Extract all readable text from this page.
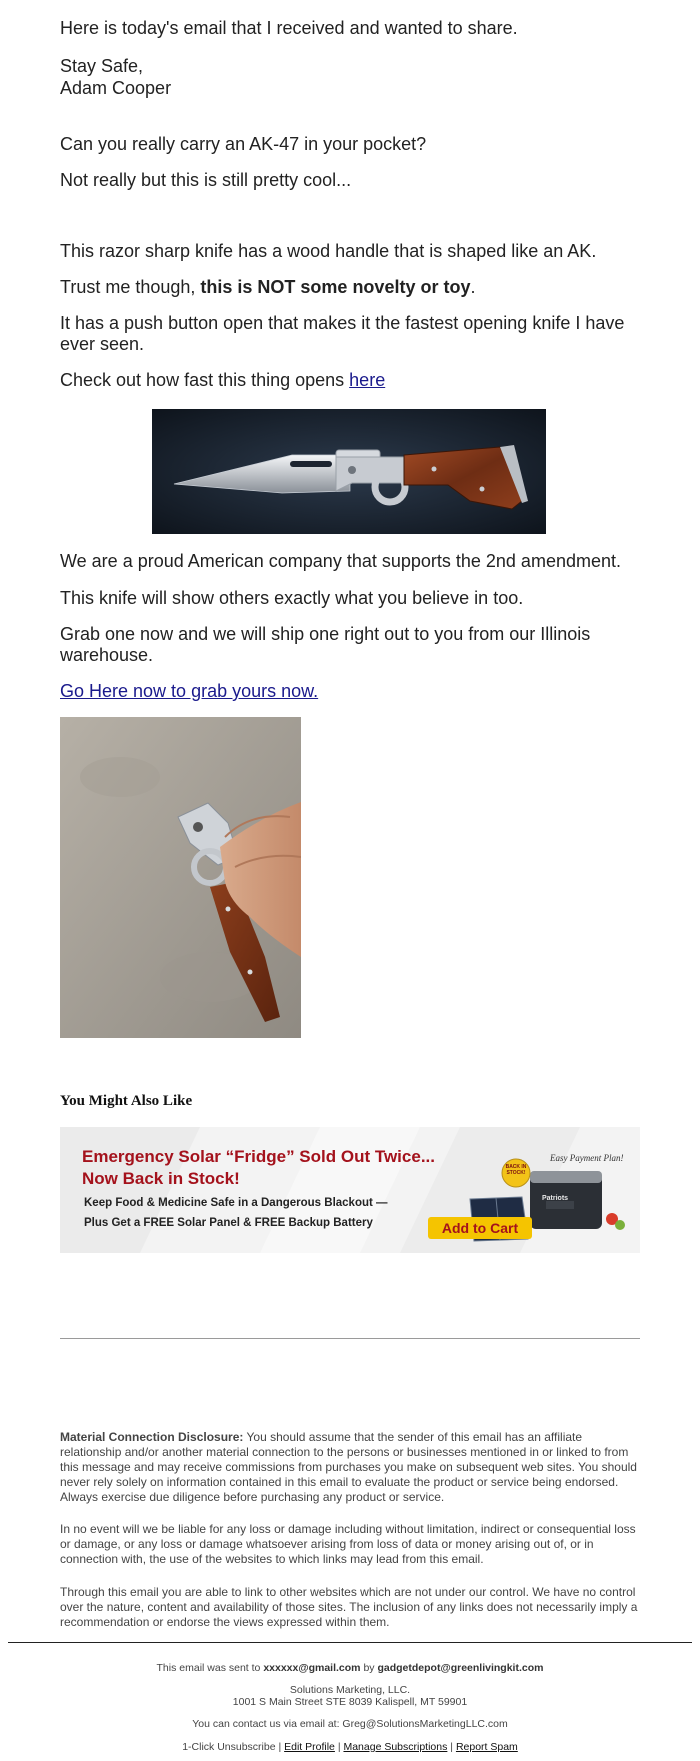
Here is today's email that I received and wanted to share.

Stay Safe,

Adam Cooper

Can you really carry an AK-47 in your pocket?

Not really but this is still pretty cool...

This razor sharp knife has a wood handle that is shaped like an AK.

Trust me though, this is NOT some novelty or toy.

It has a push button open that makes it the fastest opening knife I have ever seen.

Check out how fast this thing opens here

We are a proud American company that supports the 2nd amendment.

This knife will show others exactly what you believe in too.

Grab one now and we will ship one right out to you from our Illinois warehouse.

Go Here now to grab yours now.

You Might Also Like
Emergency Solar “Fridge” Sold Out Twice...
Now Back in Stock!
Keep Food & Medicine Safe in a Dangerous Blackout —
Plus Get a FREE Solar Panel & FREE Backup Battery	Add to Cart
BACK IN STOCK!
Easy Payment Plan!
Patriots

Material Connection Disclosure: You should assume that the sender of this email has an affiliate relationship and/or another material connection to the persons or businesses mentioned in or linked to from this message and may receive commissions from purchases you make on subsequent web sites. You should never rely solely on information contained in this email to evaluate the product or service being endorsed. Always exercise due diligence before purchasing any product or service.

In no event will we be liable for any loss or damage including without limitation, indirect or consequential loss or damage, or any loss or damage whatsoever arising from loss of data or money arising out of, or in connection with, the use of the websites to which links may lead from this email.

Through this email you are able to link to other websites which are not under our control. We have no control over the nature, content and availability of those sites. The inclusion of any links does not necessarily imply a recommendation or endorse the views expressed within them.

This email was sent to xxxxxx@gmail.com by gadgetdepot@greenlivingkit.com
Solutions Marketing, LLC.
1001 S Main Street STE 8039 Kalispell, MT 59901
You can contact us via email at: Greg@SolutionsMarketingLLC.com
1-Click Unsubscribe | Edit Profile | Manage Subscriptions | Report Spam
